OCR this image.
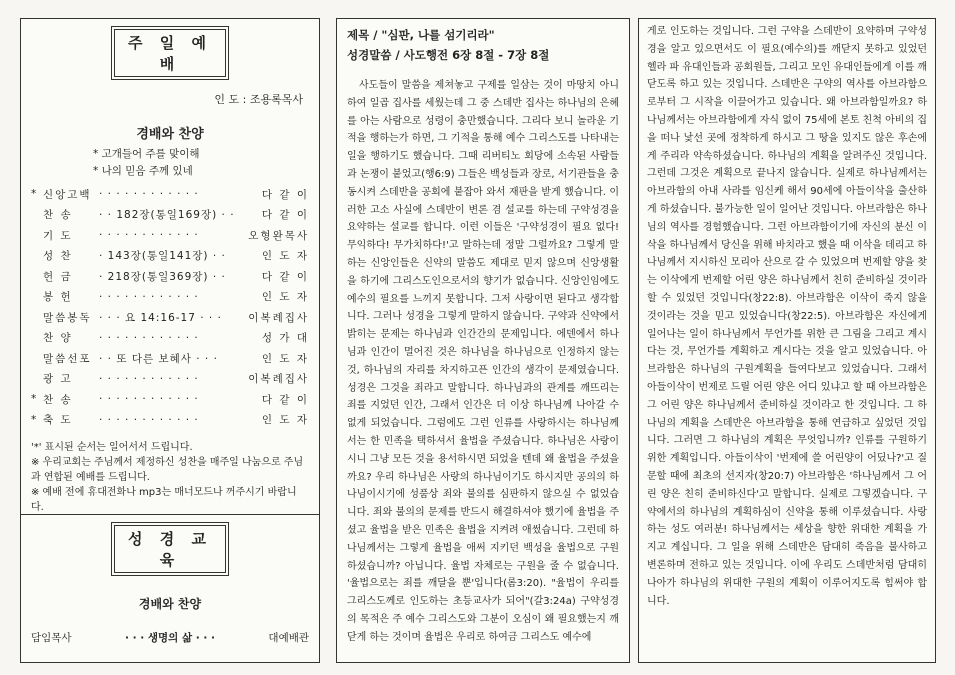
주 일 예 배
인 도 : 조용록목사
경배와 찬양
* 고개들어 주를 맞이해
* 나의 믿음 주께 있네
* 신앙고백 · · · · · · · · · · · ·	다 같 이
찬 송	· · 182장(통일169장) · ·	다 같 이
기 도	· · · · · · · · · · · ·	오형완목사
성 찬	· 143장(통일141장) · ·	인 도 자
헌 금	· 218장(통일369장) · ·	다 같 이
봉 헌	· · · · · · · · · · · ·	인 도 자
말씀봉독 · · · 요 14:16-17 · · ·	이복례집사
찬 양	· · · · · · · · · · · ·	성 가 대
말씀선포 · · 또 다른 보혜사 · · ·	인 도 자
광 고	· · · · · · · · · · · ·	이복례집사
* 찬 송	· · · · · · · · · · · ·	다 같 이
* 축 도	· · · · · · · · · · · ·	인 도 자

'*' 표시된 순서는 일어서서 드립니다.

※ 우리교회는 주님께서 제정하신 성찬을 매주일 나눔으로 주님과 연합된 예배를 드립니다.

※ 예배 전에 휴대전화나 mp3는 매너모드나 꺼주시기 바랍니다.

성 경 교 육
경배와 찬양
담임목사	· · · 생명의 삶 · · ·	대예배관

제목 / "심판, 나를 섬기리라"

성경말씀 / 사도행전 6장 8절 - 7장 8절

사도들이 말씀을 제쳐놓고 구제를 일삼는 것이 마땅치 아니하여 일곱 집사를 세웠는데 그 중 스데반 집사는 하나님의 은혜를 아는 사람으로 성령이 충만했습니다. 그리다 보니 놀라운 기적을 행하는가 하면, 그 기적을 통해 예수 그리스도를 나타내는 일을 행하기도 했습니다. 그때 리버티노 회당에 소속된 사람들과 논쟁이 붙었고(행6:9) 그들은 백성들과 장로, 서기관들을 충동시켜 스데반을 공회에 붙잡아 와서 재판을 받게 했습니다. 이러한 고소 사실에 스데반이 변론 겸 설교를 하는데 구약성경을 요약하는 설교를 합니다. 이런 이들은 '구약성경이 필요 없다! 무익하다! 무가치하다!'고 말하는데 정말 그럴까요? 그렇게 말하는 신앙인들은 신약의 말씀도 제대로 믿지 않으며 신앙생활을 하기에 그리스도인으로서의 향기가 없습니다. 신앙인임에도 예수의 필요를 느끼지 못합니다. 그저 사랑이면 된다고 생각합니다. 그러나 성경을 그렇게 말하지 않습니다. 구약과 신약에서 밝히는 문제는 하나님과 인간간의 문제입니다. 에덴에서 하나님과 인간이 멀어진 것은 하나님을 하나님으로 인정하지 않는 것, 하나님의 자리를 차지하고픈 인간의 생각이 문제였습니다. 성경은 그것을 죄라고 말합니다. 하나님과의 관계를 깨뜨리는 죄를 지었던 인간, 그래서 인간은 더 이상 하나님께 나아갈 수 없게 되었습니다. 그럼에도 그런 인류를 사랑하시는 하나님께서는 한 민족을 택하셔서 율법을 주셨습니다. 하나님은 사랑이시니 그냥 모든 것을 용서하시면 되었을 텐데 왜 율법을 주셨을까요? 우리 하나님은 사랑의 하나님이기도 하시지만 공의의 하나님이시기에 성품상 죄와 불의를 심판하지 않으실 수 없었습니다. 죄와 불의의 문제를 반드시 해결하셔야 했기에 율법을 주셨고 율법을 받은 민족은 율법을 지켜려 애썼습니다. 그런데 하나님께서는 그렇게 율법을 애써 지키던 백성을 율법으로 구원하셨습니까? 아닙니다. 율법 자체로는 구원을 줄 수 없습니다. '율법으로는 죄를 깨달을 뿐'입니다(롬3:20). "율법이 우리를 그리스도께로 인도하는 초등교사가 되어"(갈3:24a) 구약성경의 목적은 주 예수 그리스도와 그분이 오심이 왜 필요했는지 깨닫게 하는 것이며 율법은 우리로 하여금 그리스도 예수에

게로 인도하는 것입니다. 그런 구약을 스데반이 요약하며 구약성경을 알고 있으면서도 이 필요(예수의)를 깨닫지 못하고 있었던 헬라 파 유대인들과 공회원들, 그리고 모인 유대인들에게 이를 깨닫도록 하고 있는 것입니다. 스데반은 구약의 역사를 아브라함으로부터 그 시작을 이끌어가고 있습니다. 왜 아브라함일까요? 하나님께서는 아브라함에게 자식 없이 75세에 본토 친척 아비의 집을 떠나 낯선 곳에 정착하게 하시고 그 땅을 있지도 않은 후손에게 주리라 약속하셨습니다. 하나님의 계획을 알려주신 것입니다. 그런데 그것은 계획으로 끝나지 않습니다. 실제로 하나님께서는 아브라함의 아내 사라를 임신케 해서 90세에 아들이삭을 출산하게 하셨습니다. 불가능한 일이 일어난 것입니다. 아브라함은 하나님의 역사를 경험했습니다. 그런 아브라함이기에 자신의 분신 이삭을 하나님께서 당신을 위해 바치라고 했을 때 이삭을 데리고 하나님께서 지시하신 모리아 산으로 갈 수 있었으며 번제할 양을 찾는 이삭에게 번제할 어린 양은 하나님께서 친히 준비하실 것이라 할 수 있었던 것입니다(창22:8). 아브라함은 이삭이 죽지 않을 것이라는 것을 믿고 있었습니다(창22:5). 아브라함은 자신에게 일어나는 일이 하나님께서 무언가를 위한 큰 그림을 그리고 계시다는 것, 무언가를 계획하고 계시다는 것을 알고 있었습니다. 아브라함은 하나님의 구원계획을 들여다보고 있었습니다. 그래서 아들이삭이 번제로 드릴 어린 양은 어디 있냐고 할 때 아브라함은 그 어린 양은 하나님께서 준비하실 것이라고 한 것입니다. 그 하나님의 계획을 스데반은 아브라함을 통해 연급하고 싶었던 것입니다. 그러면 그 하나님의 계획은 무엇입니까? 인류를 구원하기 위한 계획입니다. 아들이삭이 '번제에 쓸 어린양이 어딨나?'고 질문할 때에 최초의 선지자(창20:7) 아브라함은 '하나님께서 그 어린 양은 친히 준비하신다'고 말합니다. 실제로 그렇겠습니다. 구약에서의 하나님의 계획하심이 신약을 통해 이루셨습니다. 사랑하는 성도 여러분! 하나님께서는 세상을 향한 위대한 계획을 가지고 계십니다. 그 일을 위해 스데반은 담대히 죽음을 불사하고 변론하며 전하고 있는 것입니다. 이에 우리도 스데반처럼 담대히 나아가 하나님의 위대한 구원의 계획이 이루어지도록 힘써야 합니다.
